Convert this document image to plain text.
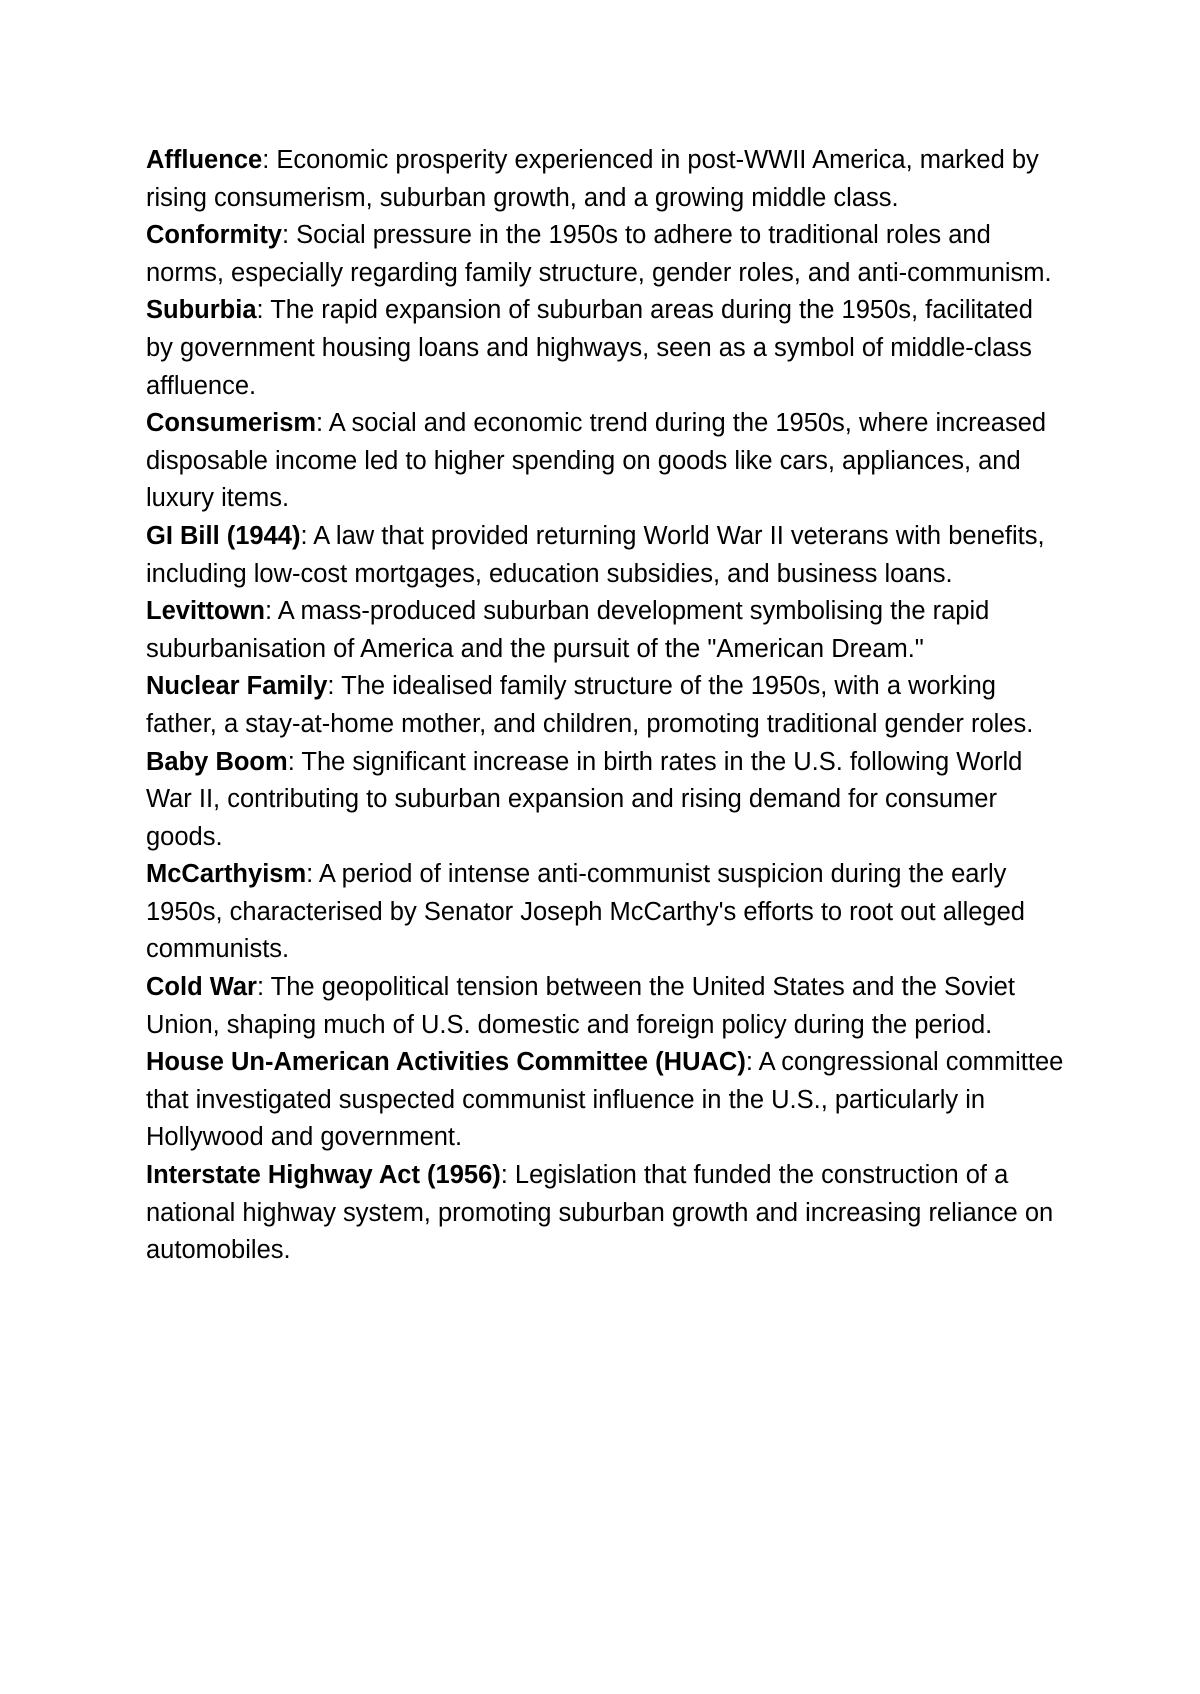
Affluence: Economic prosperity experienced in post-WWII America, marked by rising consumerism, suburban growth, and a growing middle class.

Conformity: Social pressure in the 1950s to adhere to traditional roles and norms, especially regarding family structure, gender roles, and anti-communism.

Suburbia: The rapid expansion of suburban areas during the 1950s, facilitated by government housing loans and highways, seen as a symbol of middle-class affluence.

Consumerism: A social and economic trend during the 1950s, where increased disposable income led to higher spending on goods like cars, appliances, and luxury items.

GI Bill (1944): A law that provided returning World War II veterans with benefits, including low-cost mortgages, education subsidies, and business loans.

Levittown: A mass-produced suburban development symbolising the rapid suburbanisation of America and the pursuit of the "American Dream."

Nuclear Family: The idealised family structure of the 1950s, with a working father, a stay-at-home mother, and children, promoting traditional gender roles.

Baby Boom: The significant increase in birth rates in the U.S. following World War II, contributing to suburban expansion and rising demand for consumer goods.

McCarthyism: A period of intense anti-communist suspicion during the early 1950s, characterised by Senator Joseph McCarthy's efforts to root out alleged communists.

Cold War: The geopolitical tension between the United States and the Soviet Union, shaping much of U.S. domestic and foreign policy during the period.

House Un-American Activities Committee (HUAC): A congressional committee that investigated suspected communist influence in the U.S., particularly in Hollywood and government.

Interstate Highway Act (1956): Legislation that funded the construction of a national highway system, promoting suburban growth and increasing reliance on automobiles.
